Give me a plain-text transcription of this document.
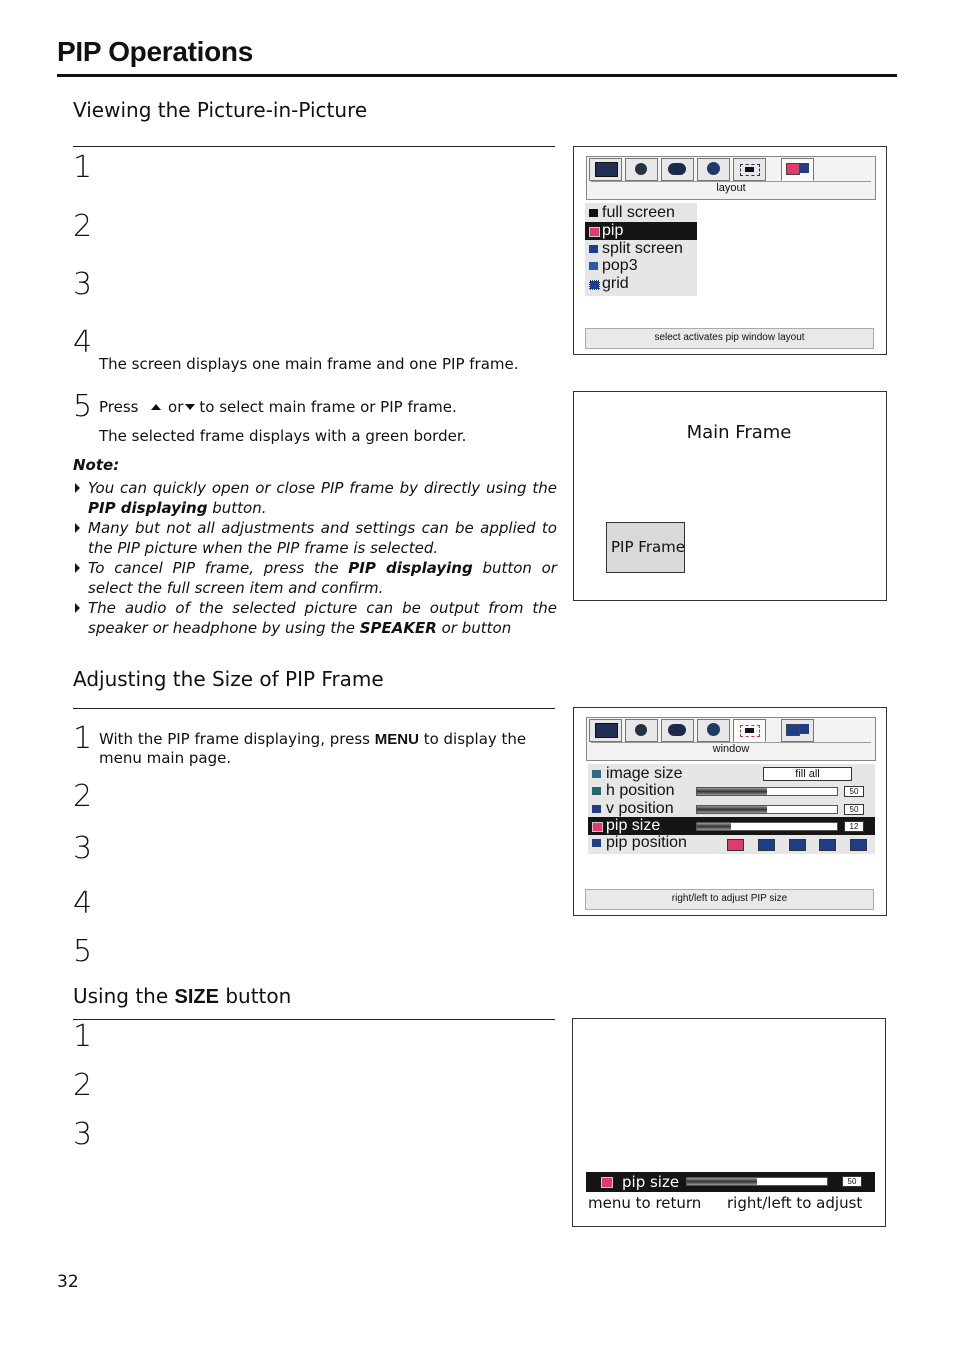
PIP Operations
Viewing the Picture-in-Picture
1
2
3
4
The screen displays one main frame and one PIP frame.
5 Press or to select main frame or PIP frame.
The selected frame displays with a green border.
Note:
You can quickly open or close PIP frame by directly using the PIP displaying button.
Many but not all adjustments and settings can be applied to the PIP picture when the PIP frame is selected.
To cancel PIP frame, press the PIP displaying button or select the full screen item and confirm.
The audio of the selected picture can be output from the speaker or headphone by using the SPEAKER or button
layout
full screen
pip
split screen
pop3
grid
select activates pip window layout
Main Frame
PIP Frame
Adjusting the Size of PIP Frame
1 With the PIP frame displaying, press MENU to display the menu main page.
2
3
4
5
window
image size	fill all
h position	50
v position	50
pip size	12
pip position
right/left to adjust PIP size
Using the SIZE button
1
2
3
pip size	50
menu to return right/left to adjust
32
